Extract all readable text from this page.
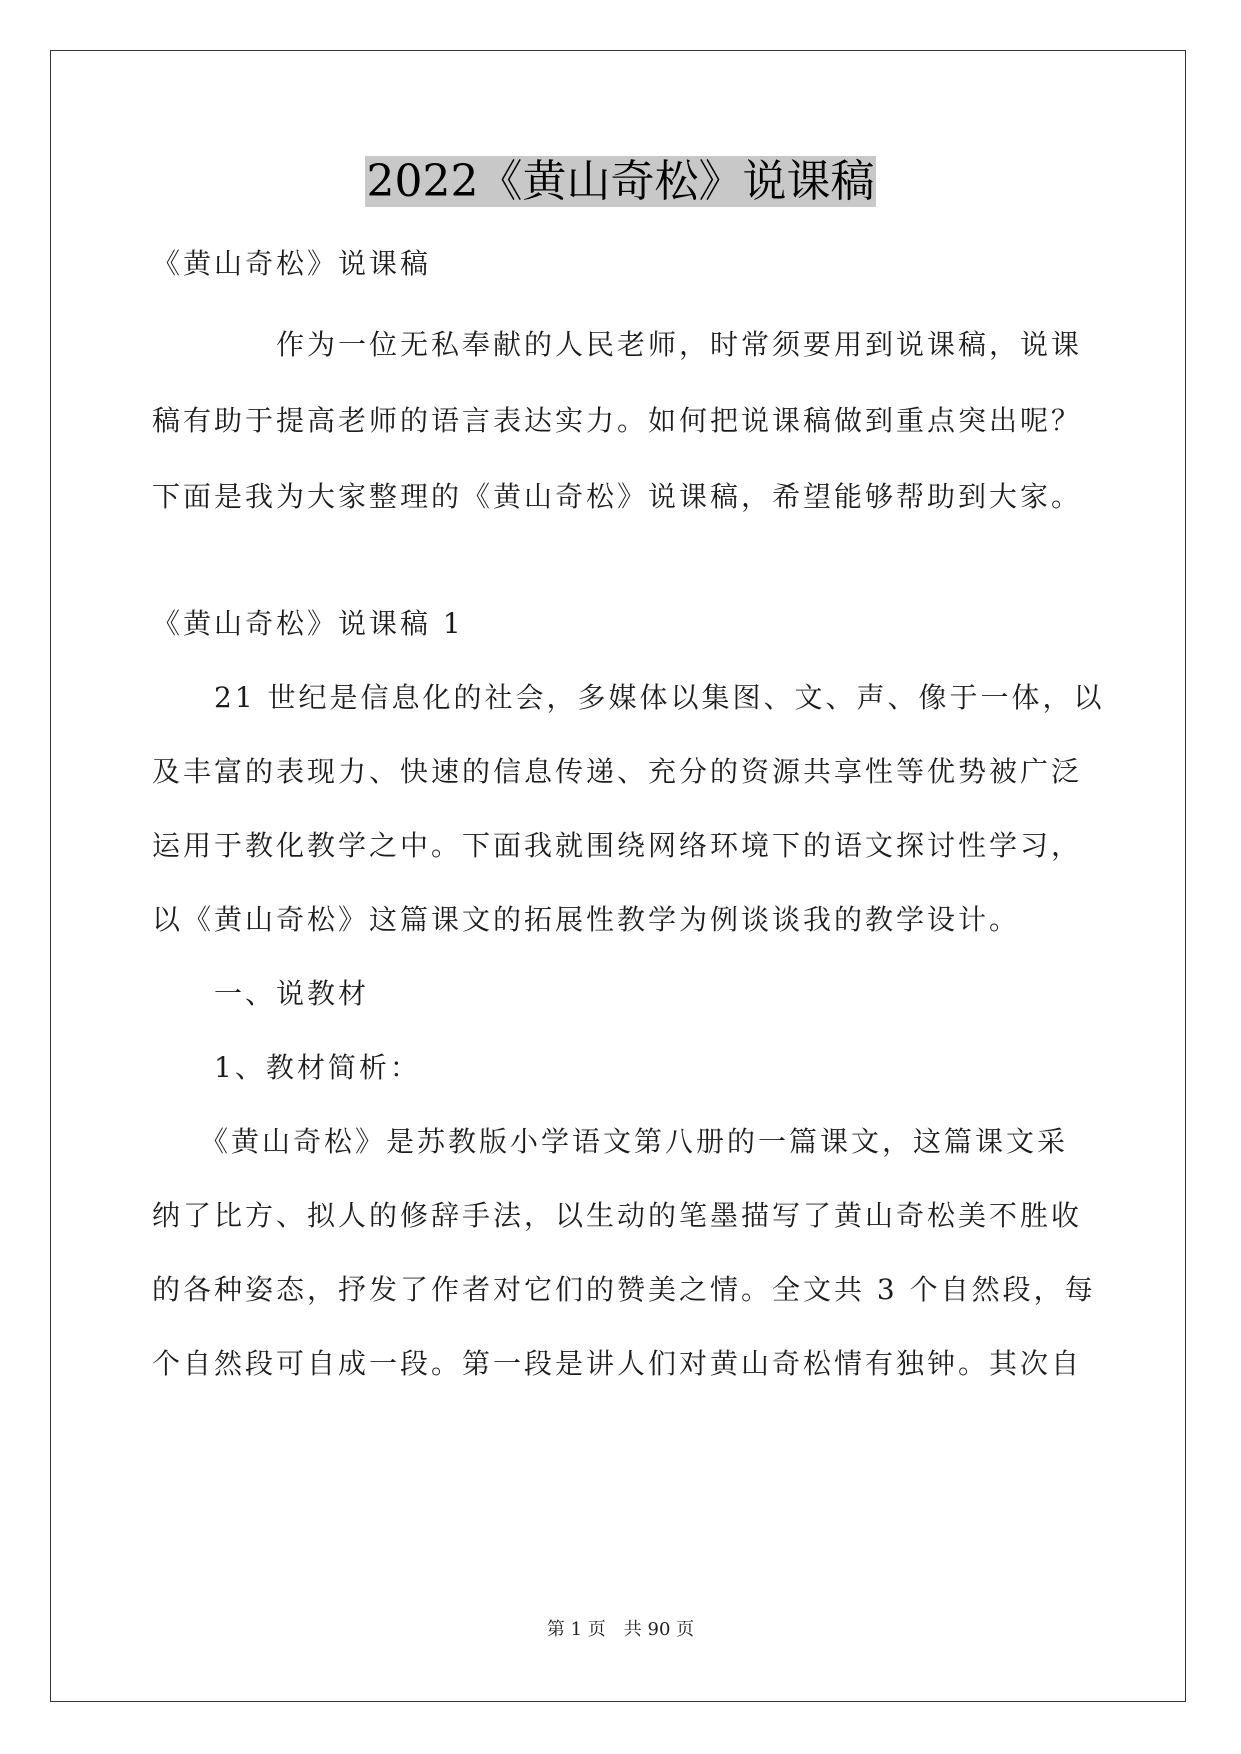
2022《黄山奇松》说课稿
《黄山奇松》说课稿
　　　　作为一位无私奉献的人民老师，时常须要用到说课稿，说课
稿有助于提高老师的语言表达实力。如何把说课稿做到重点突出呢？
下面是我为大家整理的《黄山奇松》说课稿，希望能够帮助到大家。
《黄山奇松》说课稿 1
　　21 世纪是信息化的社会，多媒体以集图、文、声、像于一体，以
及丰富的表现力、快速的信息传递、充分的资源共享性等优势被广泛
运用于教化教学之中。下面我就围绕网络环境下的语文探讨性学习，
以《黄山奇松》这篇课文的拓展性教学为例谈谈我的教学设计。
　　一、说教材
　　1、教材简析：
　　《黄山奇松》是苏教版小学语文第八册的一篇课文，这篇课文采
纳了比方、拟人的修辞手法，以生动的笔墨描写了黄山奇松美不胜收
的各种姿态，抒发了作者对它们的赞美之情。全文共 3 个自然段，每
个自然段可自成一段。第一段是讲人们对黄山奇松情有独钟。其次自
第 1 页　共 90 页
